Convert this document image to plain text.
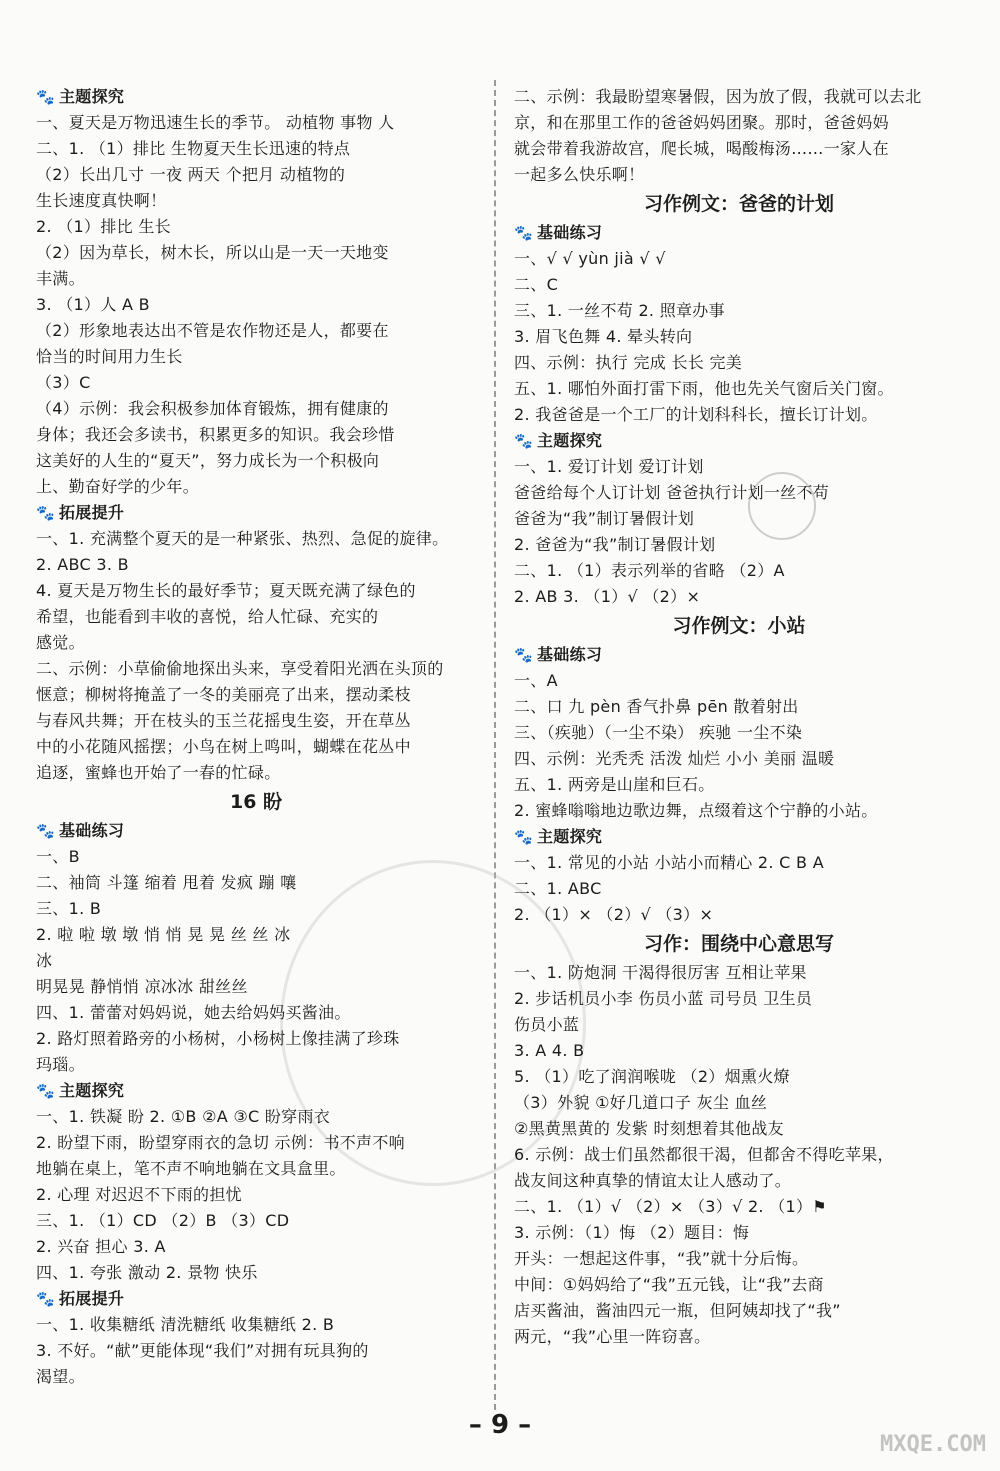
🐾 主题探究
一、夏天是万物迅速生长的季节。 动植物 事物 人
二、1. （1）排比 生物夏天生长迅速的特点
（2）长出几寸 一夜 两天 个把月 动植物的
生长速度真快啊！
2. （1）排比 生长
（2）因为草长，树木长，所以山是一天一天地变
丰满。
3. （1）人 A B
（2）形象地表达出不管是农作物还是人，都要在
恰当的时间用力生长
（3）C
（4）示例：我会积极参加体育锻炼，拥有健康的
身体；我还会多读书，积累更多的知识。我会珍惜
这美好的人生的“夏天”，努力成长为一个积极向
上、勤奋好学的少年。
🐾 拓展提升
一、1. 充满整个夏天的是一种紧张、热烈、急促的旋律。
2. ABC 3. B
4. 夏天是万物生长的最好季节；夏天既充满了绿色的
希望，也能看到丰收的喜悦，给人忙碌、充实的
感觉。
二、示例：小草偷偷地探出头来，享受着阳光洒在头顶的
惬意；柳树将掩盖了一冬的美丽亮了出来，摆动柔枝
与春风共舞；开在枝头的玉兰花摇曳生姿，开在草丛
中的小花随风摇摆；小鸟在树上鸣叫，蝴蝶在花丛中
追逐，蜜蜂也开始了一春的忙碌。
16 盼
🐾 基础练习
一、B
二、袖筒 斗篷 缩着 甩着 发疯 蹦 嚷
三、1. B
2. 啦 啦 墩 墩 悄 悄 晃 晃 丝 丝 冰
冰
明晃晃 静悄悄 凉冰冰 甜丝丝
四、1. 蕾蕾对妈妈说，她去给妈妈买酱油。
2. 路灯照着路旁的小杨树，小杨树上像挂满了珍珠
玛瑙。
🐾 主题探究
一、1. 铁凝 盼 2. ①B ②A ③C 盼穿雨衣
2. 盼望下雨，盼望穿雨衣的急切 示例：书不声不响
地躺在桌上，笔不声不响地躺在文具盒里。
2. 心理 对迟迟不下雨的担忧
三、1. （1）CD （2）B （3）CD
2. 兴奋 担心 3. A
四、1. 夸张 激动 2. 景物 快乐
🐾 拓展提升
一、1. 收集糖纸 清洗糖纸 收集糖纸 2. B
3. 不好。“献”更能体现“我们”对拥有玩具狗的
渴望。
二、示例：我最盼望寒暑假，因为放了假，我就可以去北
京，和在那里工作的爸爸妈妈团聚。那时，爸爸妈妈
就会带着我游故宫，爬长城，喝酸梅汤……一家人在
一起多么快乐啊！
习作例文：爸爸的计划
🐾 基础练习
一、√ √ yùn jià √ √
二、C
三、1. 一丝不苟 2. 照章办事
3. 眉飞色舞 4. 晕头转向
四、示例：执行 完成 长长 完美
五、1. 哪怕外面打雷下雨，他也先关气窗后关门窗。
2. 我爸爸是一个工厂的计划科科长，擅长订计划。
🐾 主题探究
一、1. 爱订计划 爱订计划
爸爸给每个人订计划 爸爸执行计划一丝不苟
爸爸为“我”制订暑假计划
2. 爸爸为“我”制订暑假计划
二、1. （1）表示列举的省略 （2）A
2. AB 3. （1）√ （2）×
习作例文：小站
🐾 基础练习
一、A
二、口 九 pèn 香气扑鼻 pēn 散着射出
三、（疾驰）（一尘不染） 疾驰 一尘不染
四、示例：光秃秃 活泼 灿烂 小小 美丽 温暖
五、1. 两旁是山崖和巨石。
2. 蜜蜂嗡嗡地边歌边舞，点缀着这个宁静的小站。
🐾 主题探究
一、1. 常见的小站 小站小而精心 2. C B A
二、1. ABC
2. （1）× （2）√ （3）×
习作：围绕中心意思写
一、1. 防炮洞 干渴得很厉害 互相让苹果
2. 步话机员小李 伤员小蓝 司号员 卫生员
伤员小蓝
3. A 4. B
5. （1）吃了润润喉咙 （2）烟熏火燎
（3）外貌 ①好几道口子 灰尘 血丝
②黑黄黑黄的 发紫 时刻想着其他战友
6. 示例：战士们虽然都很干渴，但都舍不得吃苹果，
战友间这种真挚的情谊太让人感动了。
二、1. （1）√ （2）× （3）√ 2. （1）⚑
3. 示例：（1）悔 （2）题目：悔
开头：一想起这件事，“我”就十分后悔。
中间：①妈妈给了“我”五元钱，让“我”去商
店买酱油，酱油四元一瓶，但阿姨却找了“我”
两元，“我”心里一阵窃喜。
– 9 –
MXQE.COM
